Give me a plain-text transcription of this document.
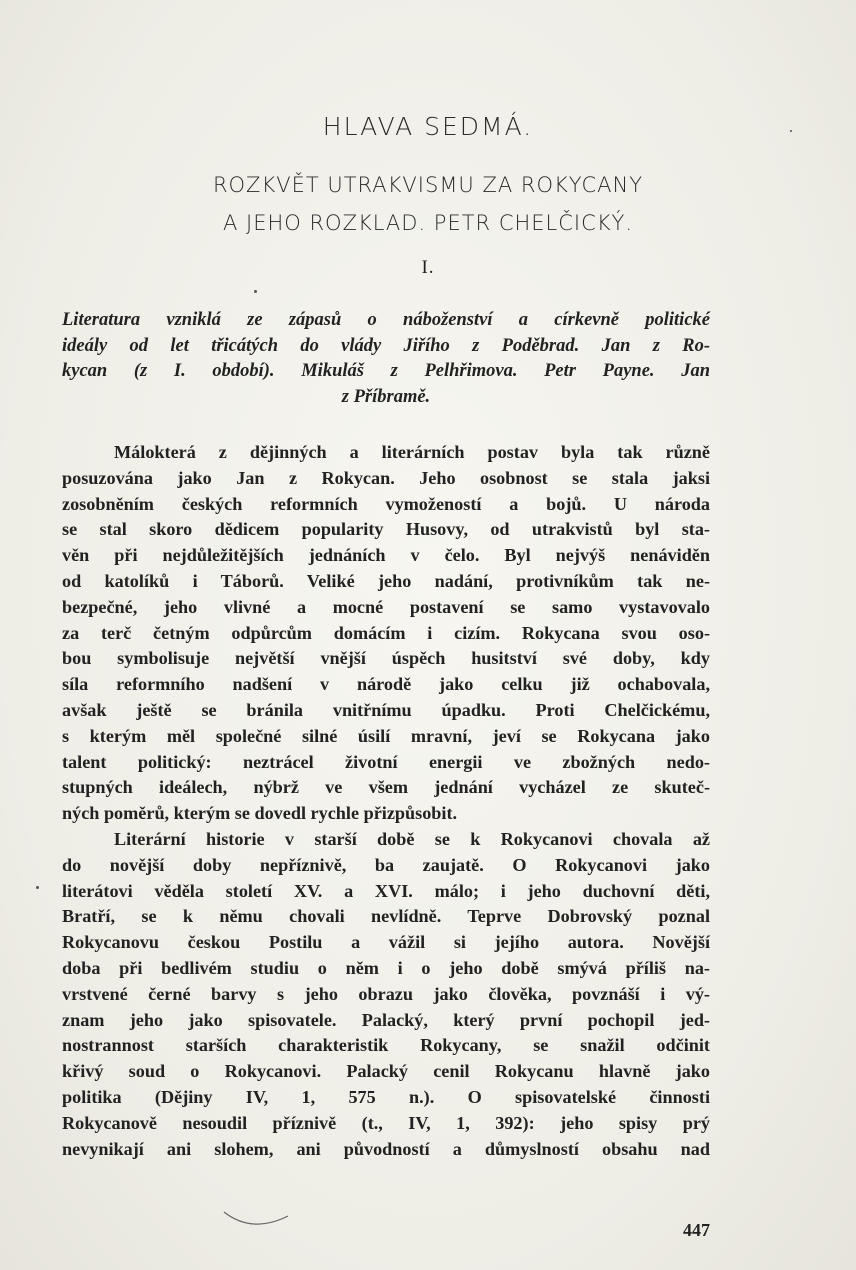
HLAVA SEDMÁ.
ROZKVĚT UTRAKVISMU ZA ROKYCANY
A JEHO ROZKLAD. PETR CHELČICKÝ.
I.
Literatura vzniklá ze zápasů o náboženství a církevně politické
ideály od let třicátých do vlády Jiřího z Poděbrad. Jan z Ro-
kycan (z I. období). Mikuláš z Pelhřimova. Petr Payne. Jan
z Příbramě.
Málokterá z dějinných a literárních postav byla tak různě
posuzována jako Jan z Rokycan. Jeho osobnost se stala jaksi
zosobněním českých reformních vymožeností a bojů. U národa
se stal skoro dědicem popularity Husovy, od utrakvistů byl sta-
věn při nejdůležitějších jednáních v čelo. Byl nejvýš nenáviděn
od katolíků i Táborů. Veliké jeho nadání, protivníkům tak ne-
bezpečné, jeho vlivné a mocné postavení se samo vystavovalo
za terč četným odpůrcům domácím i cizím. Rokycana svou oso-
bou symbolisuje největší vnější úspěch husitství své doby, kdy
síla reformního nadšení v národě jako celku již ochabovala,
avšak ještě se bránila vnitřnímu úpadku. Proti Chelčickému,
s kterým měl společné silné úsilí mravní, jeví se Rokycana jako
talent politický: neztrácel životní energii ve zbožných nedo-
stupných ideálech, nýbrž ve všem jednání vycházel ze skuteč-
ných poměrů, kterým se dovedl rychle přizpůsobit.
Literární historie v starší době se k Rokycanovi chovala až
do novější doby nepříznivě, ba zaujatě. O Rokycanovi jako
literátovi věděla století XV. a XVI. málo; i jeho duchovní děti,
Bratří, se k němu chovali nevlídně. Teprve Dobrovský poznal
Rokycanovu českou Postilu a vážil si jejího autora. Novější
doba při bedlivém studiu o něm i o jeho době smývá příliš na-
vrstvené černé barvy s jeho obrazu jako člověka, povznáší i vý-
znam jeho jako spisovatele. Palacký, který první pochopil jed-
nostrannost starších charakteristik Rokycany, se snažil odčinit
křivý soud o Rokycanovi. Palacký cenil Rokycanu hlavně jako
politika (Dějiny IV, 1, 575 n.). O spisovatelské činnosti
Rokycanově nesoudil příznivě (t., IV, 1, 392): jeho spisy prý
nevynikají ani slohem, ani původností a důmyslností obsahu nad
447
